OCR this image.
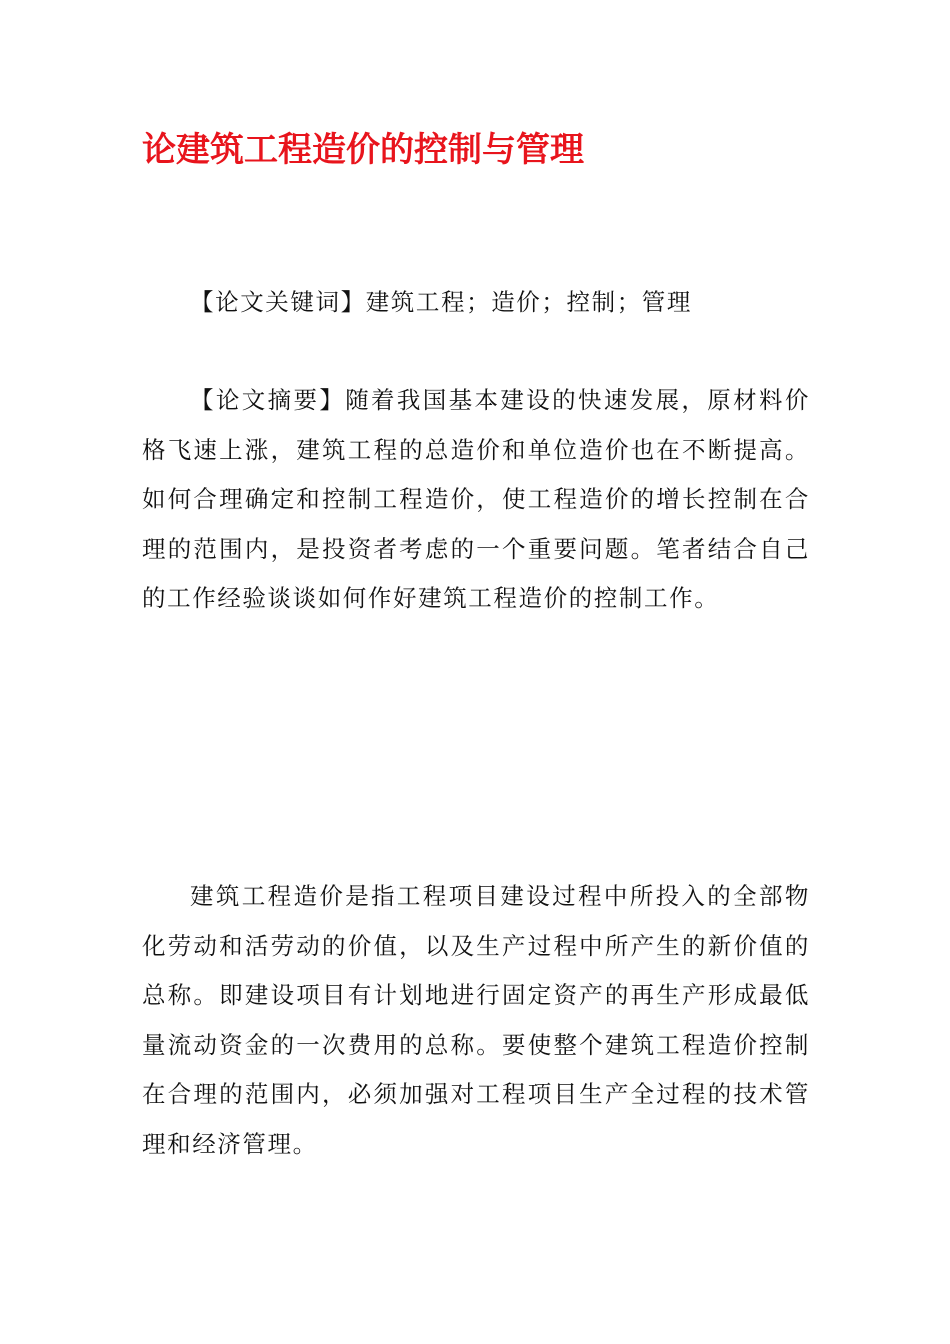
论建筑工程造价的控制与管理

【论文关键词】建筑工程；造价；控制；管理

【论文摘要】随着我国基本建设的快速发展，原材料价格飞速上涨，建筑工程的总造价和单位造价也在不断提高。如何合理确定和控制工程造价，使工程造价的增长控制在合理的范围内，是投资者考虑的一个重要问题。笔者结合自己的工作经验谈谈如何作好建筑工程造价的控制工作。

建筑工程造价是指工程项目建设过程中所投入的全部物化劳动和活劳动的价值，以及生产过程中所产生的新价值的总称。即建设项目有计划地进行固定资产的再生产形成最低量流动资金的一次费用的总称。要使整个建筑工程造价控制在合理的范围内，必须加强对工程项目生产全过程的技术管理和经济管理。
